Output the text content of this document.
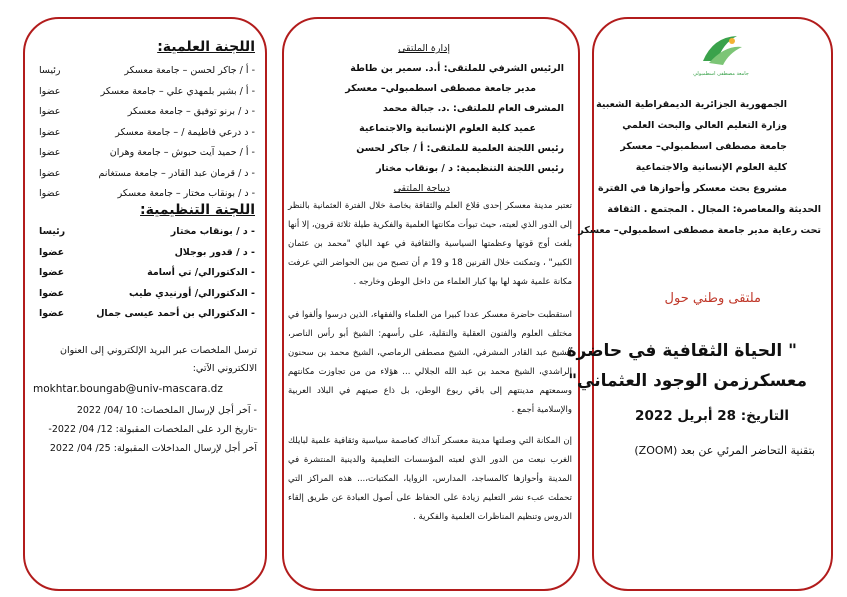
اللجنة العلمية:
- أ / جاكر لحسن – جامعة معسكر
رئيسا
- أ / بشير بلمهدي علي – جامعة معسكر
عضوا
- د / برنو توفيق – جامعة معسكر
عضوا
- د درعي فاطيمة / – جامعة معسكر
عضوا
- أ / حميد آيت حبوش – جامعة وهران
عضوا
- د / قرمان عبد القادر – جامعة مستغانم
عضوا
- د / بونقاب مختار – جامعة معسكر
عضوا
اللجنة التنظيمية:
- د / بونقاب مختار
رئيسا
- د / قدور بوجلال
عضوا
- الدكتورالي/ تي أسامة
عضوا
- الدكتورالي/ أورنيدي طيب
عضوا
- الدكتورالي بن أحمد عيسى جمال
عضوا
ترسل الملخصات عبر البريد الإلكتروني إلى العنوان
الالكتروني الآتي:
mokhtar.boungab@univ-mascara.dz
- آخر أجل لإرسال الملخصات: 10 /04/ 2022
-تاريخ الرد على الملخصات المقبولة: 12/ 04/ 2022-
آخر أجل لإرسال المداخلات المقبولة: 25/ 04/ 2022
إدارة الملتقى
الرئيس الشرفي للملتقى: أ.د. سمير بن طاطة
مدير جامعة مصطفى اسطمبولي– معسكر
المشرف العام للملتقى: .د. جبالة محمد
عميد كلية العلوم الإنسانية والاجتماعية
رئيس اللجنة العلمية للملتقى: أ / جاكر لحسن
رئيس اللجنة التنظيمية: د / بونقاب مختار
ديباجة الملتقى
تعتبر مدينة معسكر إحدى قلاع العلم والثقافة بخاصة خلال الفترة العثمانية بالنظر إلى الدور الذي لعبته، حيث تبوأت مكانتها العلمية والفكرية طيلة ثلاثة قرون، إلا أنها بلغت أوج قوتها وعظمتها السياسية والثقافية في عهد الباي "محمد بن عثمان الكبير" ، وتمكنت خلال القرنين 18 و 19 م أن تصبح من بين الحواضر التي عرفت مكانة علمية شهد لها بها كبار العلماء من داخل الوطن وخارجه .
استقطبت حاضرة معسكر عددا كبيرا من العلماء والفقهاء، الذين درسوا وألفوا في مختلف العلوم والفنون العقلية والنقلية، على رأسهم: الشيخ أبو رأس الناصر، الشيخ عبد القادر المشرفي، الشيخ مصطفى الرماصي، الشيخ محمد بن سحنون الراشدي، الشيخ محمد بن عبد الله الجلالي ... هؤلاء من من تجاوزت مكانتهم وسمعتهم مدينتهم إلى باقي ربوع الوطن، بل ذاع صيتهم في البلاد العربية والإسلامية أجمع .
إن المكانة التي وصلتها مدينة معسكر آنذاك كعاصمة سياسية وثقافية علمية لبايلك الغرب نبعت من الدور الذي لعبته المؤسسات التعليمية والدينية المنتشرة في المدينة وأحوازها كالمساجد، المدارس، الزوايا، المكتبات،... هذه المراكز التي تحملت عبء نشر التعليم زيادة على الحفاظ على أصول العبادة عن طريق إلقاء الدروس وتنظيم المناظرات العلمية والفكرية .
جامعة مصطفى اسطمبولي
الجمهورية الجزائرية الديمقراطية الشعبية
وزارة التعليم العالي والبحث العلمي
جامعة مصطفى اسطمبولي– معسكر
كلية العلوم الإنسانية والاجتماعية
مشروع بحث معسكر وأحوازها في الفترة
الحديثة والمعاصرة: المجال . المجتمع . الثقافة
تحت رعاية مدير جامعة مصطفى اسطمبولي– معسكر
ملتقى وطني حول
" الحياة الثقافية في حاضرة
معسكرزمن الوجود العثماني"
التاريخ: 28 أبريل 2022
بتقنية التحاضر المرئي عن بعد (ZOOM)
